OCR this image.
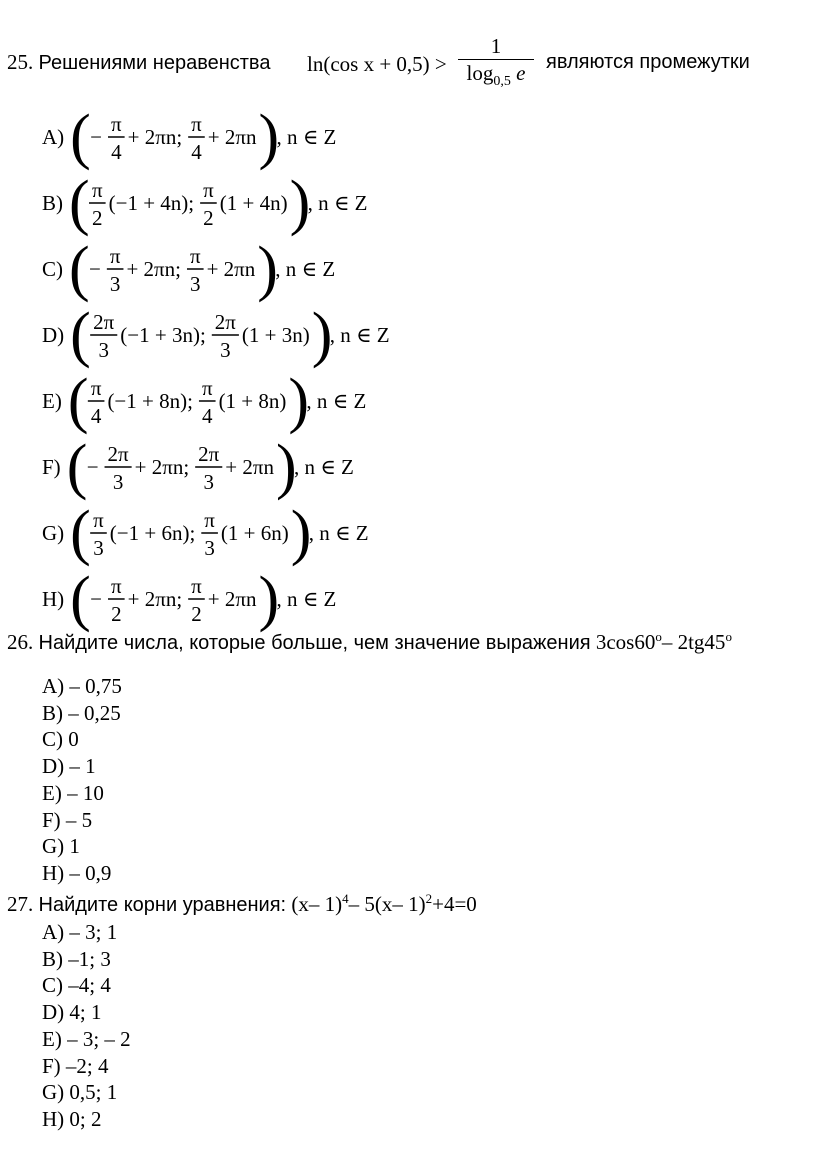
25. Решениями неравенства ln(cos x + 0,5) >
1
$\log_{0,5} e$	являются промежутки
A) ( −
π
4
+ 2πn;
π
4
+ 2πn )
, n ∈ Z
B) ( π
2
(−1 + 4n);
π
2
(1 + 4n) )
, n ∈ Z
C) ( −
π
3
+ 2πn;
π
3
+ 2πn )
, n ∈ Z
D) ( 2π
3
(−1 + 3n);
2π
3
(1 + 3n) )
, n ∈ Z
E) ( π
4
(−1 + 8n);
π
4
(1 + 8n) )
, n ∈ Z
F) ( −
2π
3
+ 2πn;
2π
3
+ 2πn )
, n ∈ Z
G) ( π
3
(−1 + 6n);
π
3
(1 + 6n) )
, n ∈ Z
H) ( −
π
2
+ 2πn;
π
2
+ 2πn )
, n ∈ Z
26. Найдите числа, которые больше, чем значение выражения 3cos60$^o$– 2tg45$^o$
A) – 0,75
B) – 0,25
C) 0
D) – 1
E) – 10
F) – 5
G) 1
H) – 0,9
27. Найдите корни уравнения: (x– 1)$^4$– 5(x– 1)$^2$+4=0
A) – 3; 1
B) –1; 3
C) –4; 4
D) 4; 1
E) – 3; – 2
F) –2; 4
G) 0,5; 1
H) 0; 2
